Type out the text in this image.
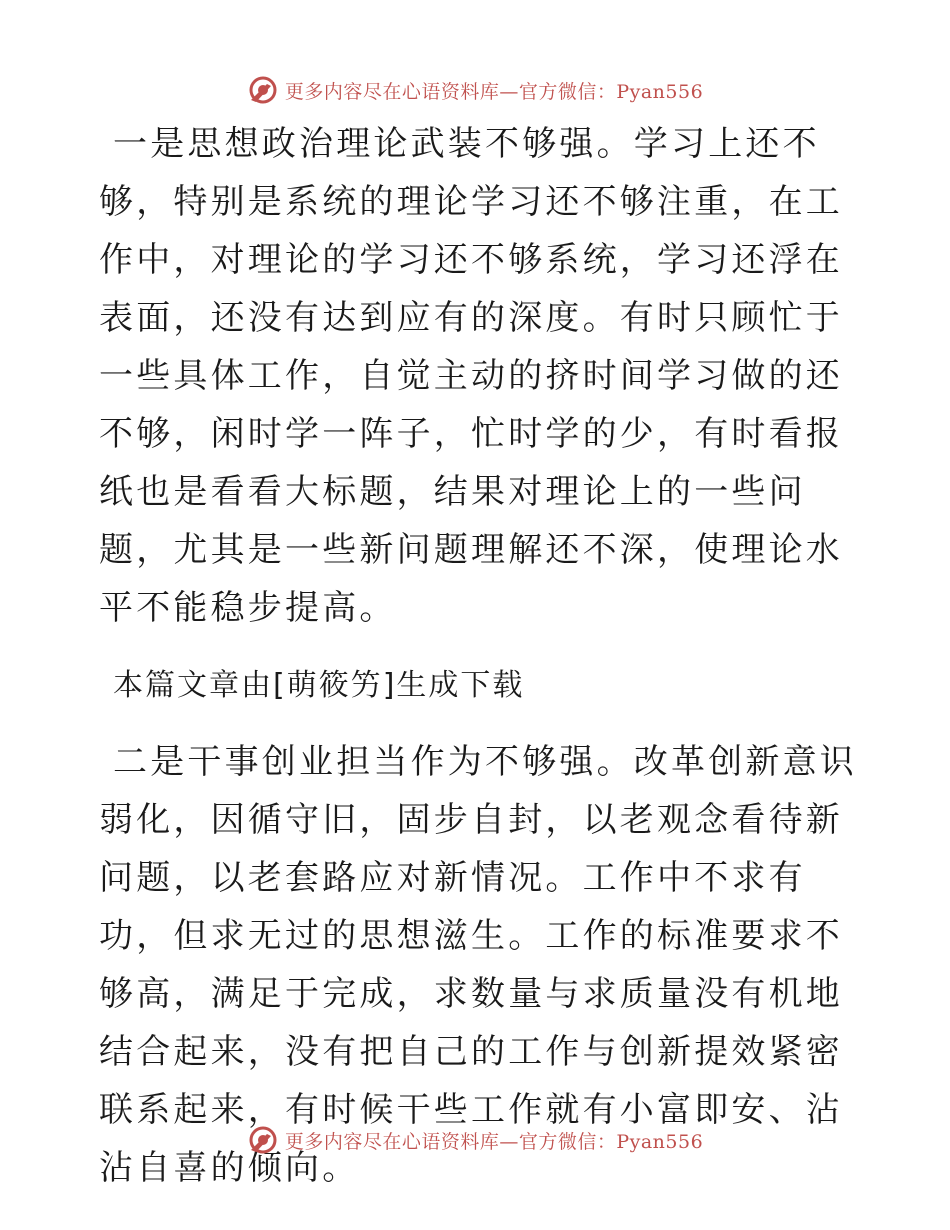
更多内容尽在心语资料库—官方微信：Pyan556

一是思想政治理论武装不够强。学习上还不够，特别是系统的理论学习还不够注重，在工作中，对理论的学习还不够系统，学习还浮在表面，还没有达到应有的深度。有时只顾忙于一些具体工作，自觉主动的挤时间学习做的还不够，闲时学一阵子，忙时学的少，有时看报纸也是看看大标题，结果对理论上的一些问题，尤其是一些新问题理解还不深，使理论水平不能稳步提高。

本篇文章由[萌筱竻]生成下载

二是干事创业担当作为不够强。改革创新意识弱化，因循守旧，固步自封，以老观念看待新问题，以老套路应对新情况。工作中不求有功，但求无过的思想滋生。工作的标准要求不够高，满足于完成，求数量与求质量没有机地结合起来，没有把自己的工作与创新提效紧密联系起来，有时候干些工作就有小富即安、沾沾自喜的倾向。

更多内容尽在心语资料库—官方微信：Pyan556
